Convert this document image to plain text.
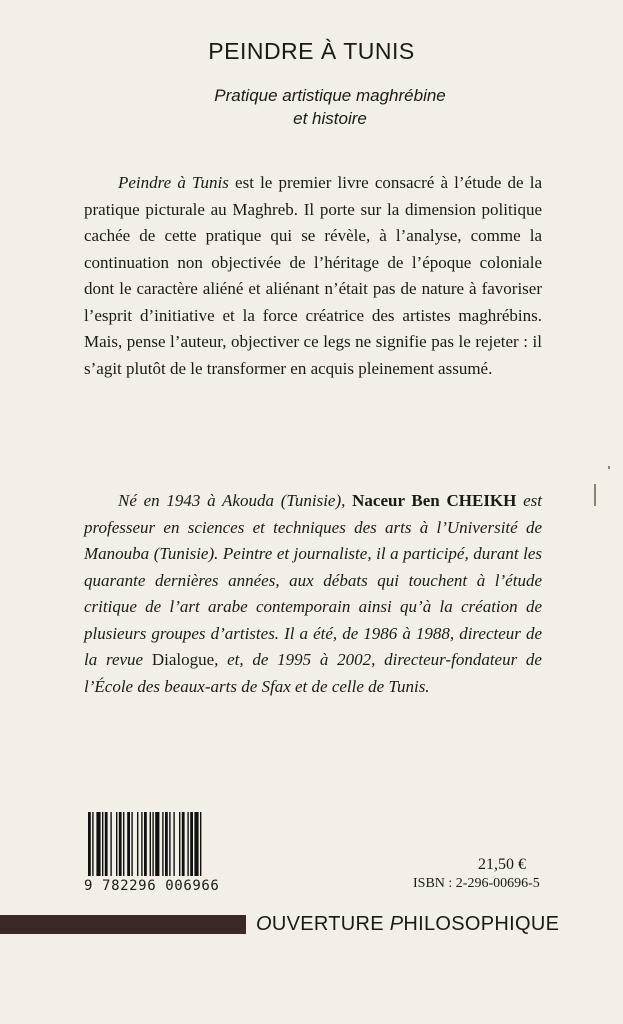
PEINDRE À TUNIS
Pratique artistique maghrébine
et histoire

Peindre à Tunis est le premier livre consacré à l’étude de la pratique picturale au Maghreb. Il porte sur la dimension politique cachée de cette pratique qui se révèle, à l’analyse, comme la continuation non objectivée de l’héritage de l’époque coloniale dont le caractère aliéné et aliénant n’était pas de nature à favoriser l’esprit d’initiative et la force créatrice des artistes maghrébins. Mais, pense l’auteur, objectiver ce legs ne signifie pas le rejeter : il s’agit plutôt de le transformer en acquis pleinement assumé.

Né en 1943 à Akouda (Tunisie), Naceur Ben CHEIKH est professeur en sciences et techniques des arts à l’Université de Manouba (Tunisie). Peintre et journaliste, il a participé, durant les quarante dernières années, aux débats qui touchent à l’étude critique de l’art arabe contemporain ainsi qu’à la création de plusieurs groupes d’artistes. Il a été, de 1986 à 1988, directeur de la revue Dialogue, et, de 1995 à 2002, directeur-fondateur de l’École des beaux-arts de Sfax et de celle de Tunis.

9 782296 006966
21,50 €
ISBN : 2-296-00696-5
OUVERTURE PHILOSOPHIQUE
